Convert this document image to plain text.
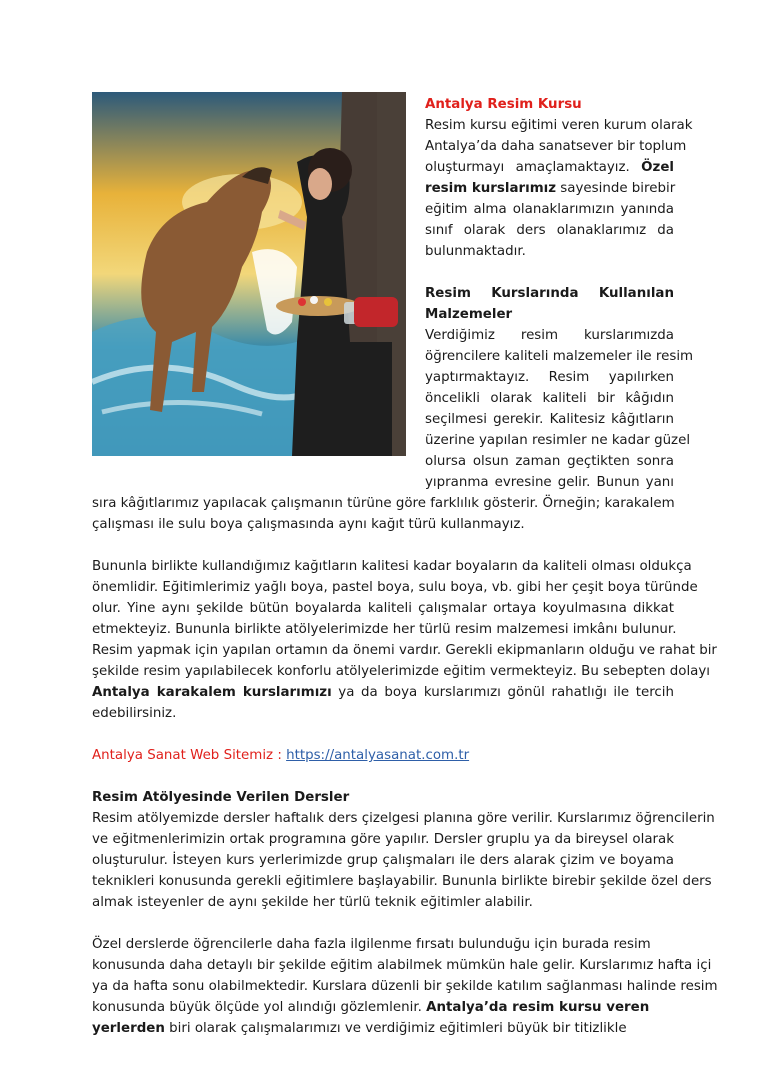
Antalya Resim Kursu
Resim kursu eğitimi veren kurum olarak
Antalya’da daha sanatsever bir toplum
oluşturmayı amaçlamaktayız. Özel
resim kurslarımız sayesinde birebir
eğitim alma olanaklarımızın yanında
sınıf olarak ders olanaklarımız da
bulunmaktadır.
Resim Kurslarında Kullanılan
Malzemeler
Verdiğimiz resim kurslarımızda
öğrencilere kaliteli malzemeler ile resim
yaptırmaktayız. Resim yapılırken
öncelikli olarak kaliteli bir kâğıdın
seçilmesi gerekir. Kalitesiz kâğıtların
üzerine yapılan resimler ne kadar güzel
olursa olsun zaman geçtikten sonra
yıpranma evresine gelir. Bunun yanı
sıra kâğıtlarımız yapılacak çalışmanın türüne göre farklılık gösterir. Örneğin; karakalem
çalışması ile sulu boya çalışmasında aynı kağıt türü kullanmayız.
Bununla birlikte kullandığımız kağıtların kalitesi kadar boyaların da kaliteli olması oldukça
önemlidir. Eğitimlerimiz yağlı boya, pastel boya, sulu boya, vb. gibi her çeşit boya türünde
olur. Yine aynı şekilde bütün boyalarda kaliteli çalışmalar ortaya koyulmasına dikkat
etmekteyiz. Bununla birlikte atölyelerimizde her türlü resim malzemesi imkânı bulunur.
Resim yapmak için yapılan ortamın da önemi vardır. Gerekli ekipmanların olduğu ve rahat bir
şekilde resim yapılabilecek konforlu atölyelerimizde eğitim vermekteyiz. Bu sebepten dolayı
Antalya karakalem kurslarımızı ya da boya kurslarımızı gönül rahatlığı ile tercih
edebilirsiniz.
Antalya Sanat Web Sitemiz : https://antalyasanat.com.tr
Resim Atölyesinde Verilen Dersler
Resim atölyemizde dersler haftalık ders çizelgesi planına göre verilir. Kurslarımız öğrencilerin
ve eğitmenlerimizin ortak programına göre yapılır. Dersler gruplu ya da bireysel olarak
oluşturulur. İsteyen kurs yerlerimizde grup çalışmaları ile ders alarak çizim ve boyama
teknikleri konusunda gerekli eğitimlere başlayabilir. Bununla birlikte birebir şekilde özel ders
almak isteyenler de aynı şekilde her türlü teknik eğitimler alabilir.
Özel derslerde öğrencilerle daha fazla ilgilenme fırsatı bulunduğu için burada resim
konusunda daha detaylı bir şekilde eğitim alabilmek mümkün hale gelir. Kurslarımız hafta içi
ya da hafta sonu olabilmektedir. Kurslara düzenli bir şekilde katılım sağlanması halinde resim
konusunda büyük ölçüde yol alındığı gözlemlenir. Antalya’da resim kursu veren
yerlerden biri olarak çalışmalarımızı ve verdiğimiz eğitimleri büyük bir titizlikle
